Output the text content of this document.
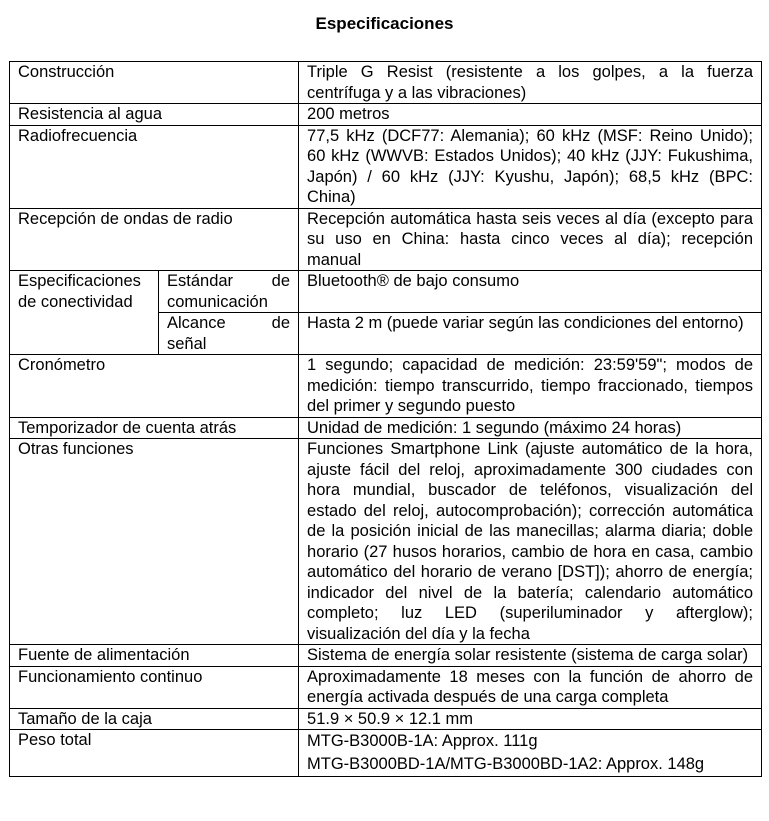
Especificaciones
Construcción		Triple G Resist (resistente a los golpes, a la fuerza centrífuga y a las vibraciones)
Resistencia al agua		200 metros
Radiofrecuencia		77,5 kHz (DCF77: Alemania); 60 kHz (MSF: Reino Unido); 60 kHz (WWVB: Estados Unidos); 40 kHz (JJY: Fukushima, Japón) / 60 kHz (JJY: Kyushu, Japón); 68,5 kHz (BPC: China)
Recepción de ondas de radio		Recepción automática hasta seis veces al día (excepto para su uso en China: hasta cinco veces al día); recepción manual
Especificaciones de conectividad	Estándar de comunicación	Bluetooth® de bajo consumo
	Alcance de señal	Hasta 2 m (puede variar según las condiciones del entorno)
Cronómetro		1 segundo; capacidad de medición: 23:59'59"; modos de medición: tiempo transcurrido, tiempo fraccionado, tiempos del primer y segundo puesto
Temporizador de cuenta atrás		Unidad de medición: 1 segundo (máximo 24 horas)
Otras funciones		Funciones Smartphone Link (ajuste automático de la hora, ajuste fácil del reloj, aproximadamente 300 ciudades con hora mundial, buscador de teléfonos, visualización del estado del reloj, autocomprobación); corrección automática de la posición inicial de las manecillas; alarma diaria; doble horario (27 husos horarios, cambio de hora en casa, cambio automático del horario de verano [DST]); ahorro de energía; indicador del nivel de la batería; calendario automático completo; luz LED (superiluminador y afterglow); visualización del día y la fecha
Fuente de alimentación		Sistema de energía solar resistente (sistema de carga solar)
Funcionamiento continuo		Aproximadamente 18 meses con la función de ahorro de energía activada después de una carga completa
Tamaño de la caja		51.9 × 50.9 × 12.1 mm
Peso total		MTG-B3000B-1A: Approx. 111g
MTG-B3000BD-1A/MTG-B3000BD-1A2: Approx. 148g
